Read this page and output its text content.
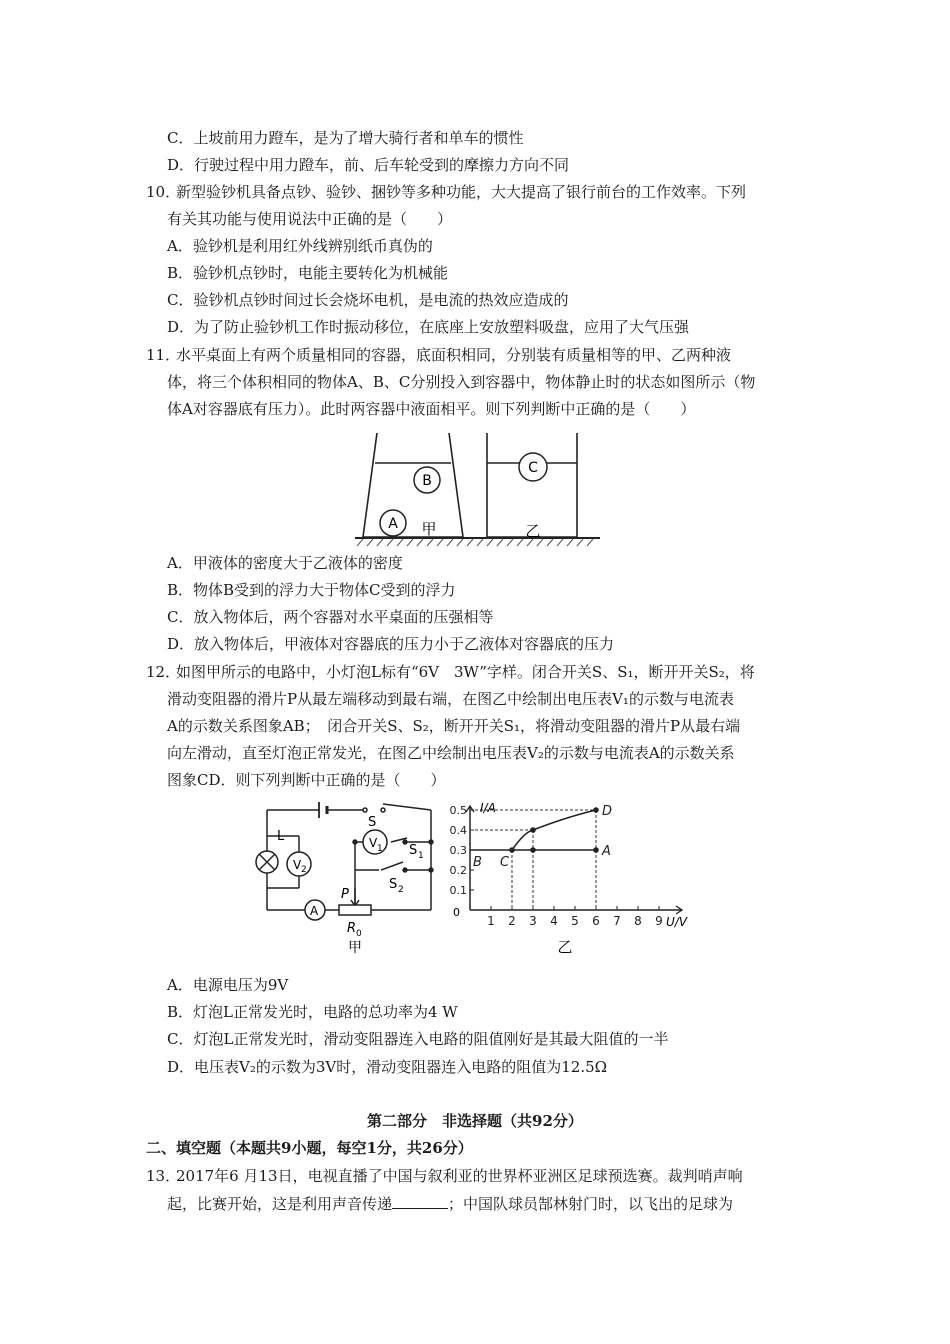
C．上坡前用力蹬车，是为了增大骑行者和单车的惯性
D．行驶过程中用力蹬车，前、后车轮受到的摩擦力方向不同
10．
新型验钞机具备点钞、验钞、捆钞等多种功能，大大提高了银行前台的工作效率。下列
有关其功能与使用说法中正确的是（　　）
A．验钞机是利用红外线辨别纸币真伪的
B．验钞机点钞时，电能主要转化为机械能
C．验钞机点钞时间过长会烧坏电机，是电流的热效应造成的
D．为了防止验钞机工作时振动移位，在底座上安放塑料吸盘，应用了大气压强
11．
水平桌面上有两个质量相同的容器，底面积相同，分别装有质量相等的甲、乙两种液
体，将三个体积相同的物体A、B、C分别投入到容器中，物体静止时的状态如图所示（物
体A对容器底有压力）。此时两容器中液面相平。则下列判断中正确的是（　　）
B
A
C
甲	乙
A．甲液体的密度大于乙液体的密度
B．物体B受到的浮力大于物体C受到的浮力
C．放入物体后，两个容器对水平桌面的压强相等
D．放入物体后，甲液体对容器底的压力小于乙液体对容器底的压力
12．
如图甲所示的电路中，小灯泡L标有“6V　3W”字样。闭合开关S、S₁，断开开关S₂，将
滑动变阻器的滑片P从最左端移动到最右端，在图乙中绘制出电压表V₁的示数与电流表
A的示数关系图象AB；　闭合开关S、S₂，断开开关S₁，将滑动变阻器的滑片P从最右端
向左滑动，直至灯泡正常发光，在图乙中绘制出电压表V₂的示数与电流表A的示数关系
图象CD．则下列判断中正确的是（　　）
L
V 2
V 1
A
S
S 1
S 2
P
R 0
甲
1 2 3 4 5 6 7 8 9
0.1
0.2
0.3
0.4
0.5
B
A
C
D
I/A
U/V
0
乙
A．电源电压为9V
B．灯泡L正常发光时，电路的总功率为4 W
C．灯泡L正常发光时，滑动变阻器连入电路的阻值刚好是其最大阻值的一半
D．电压表V₂的示数为3V时，滑动变阻器连入电路的阻值为12.5Ω
第二部分　非选择题（共92分）
二、填空题（本题共9小题，每空1分，共26分）
13．
2017年6 月13日，电视直播了中国与叙利亚的世界杯亚洲区足球预选赛。裁判哨声响
起，比赛开始，这是利用声音传递	；中国队球员郜林射门时，以飞出的足球为
